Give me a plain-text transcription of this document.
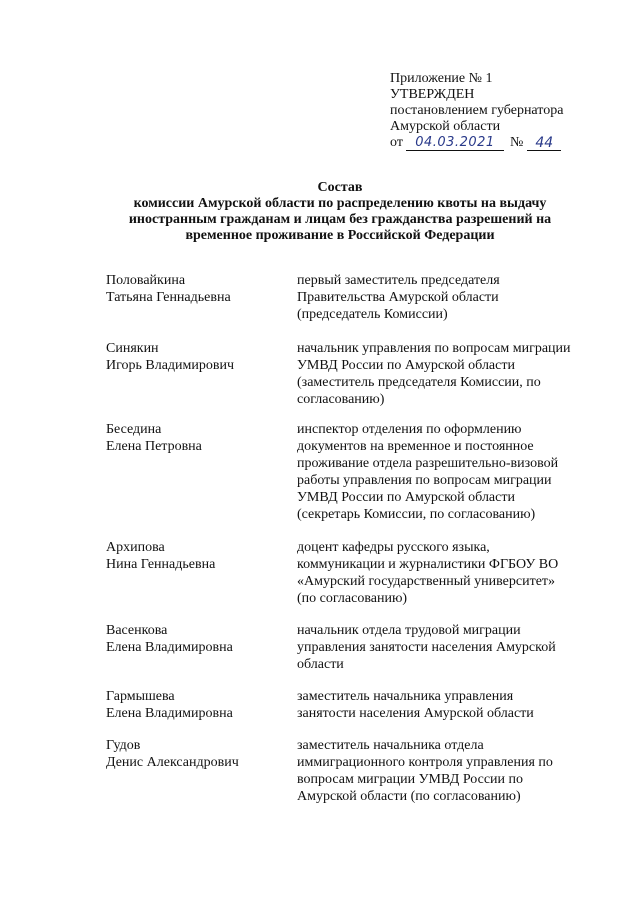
Приложение № 1
УТВЕРЖДЕН
постановлением губернатора
Амурской области
от 04.03.2021	№ 44
Состав
комиссии Амурской области по распределению квоты на выдачу
иностранным гражданам и лицам без гражданства разрешений на
временное проживание в Российской Федерации
Половайкина
Татьяна Геннадьевна
первый заместитель председателя
Правительства Амурской области
(председатель Комиссии)
Синякин
Игорь Владимирович
начальник управления по вопросам миграции
УМВД России по Амурской области
(заместитель председателя Комиссии, по
согласованию)
Беседина
Елена Петровна
инспектор отделения по оформлению
документов на временное и постоянное
проживание отдела разрешительно-визовой
работы управления по вопросам миграции
УМВД России по Амурской области
(секретарь Комиссии, по согласованию)
Архипова
Нина Геннадьевна
доцент кафедры русского языка,
коммуникации и журналистики ФГБОУ ВО
«Амурский государственный университет»
(по согласованию)
Васенкова
Елена Владимировна
начальник отдела трудовой миграции
управления занятости населения Амурской
области
Гармышева
Елена Владимировна
заместитель начальника управления
занятости населения Амурской области
Гудов
Денис Александрович
заместитель начальника отдела
иммиграционного контроля управления по
вопросам миграции УМВД России по
Амурской области (по согласованию)
